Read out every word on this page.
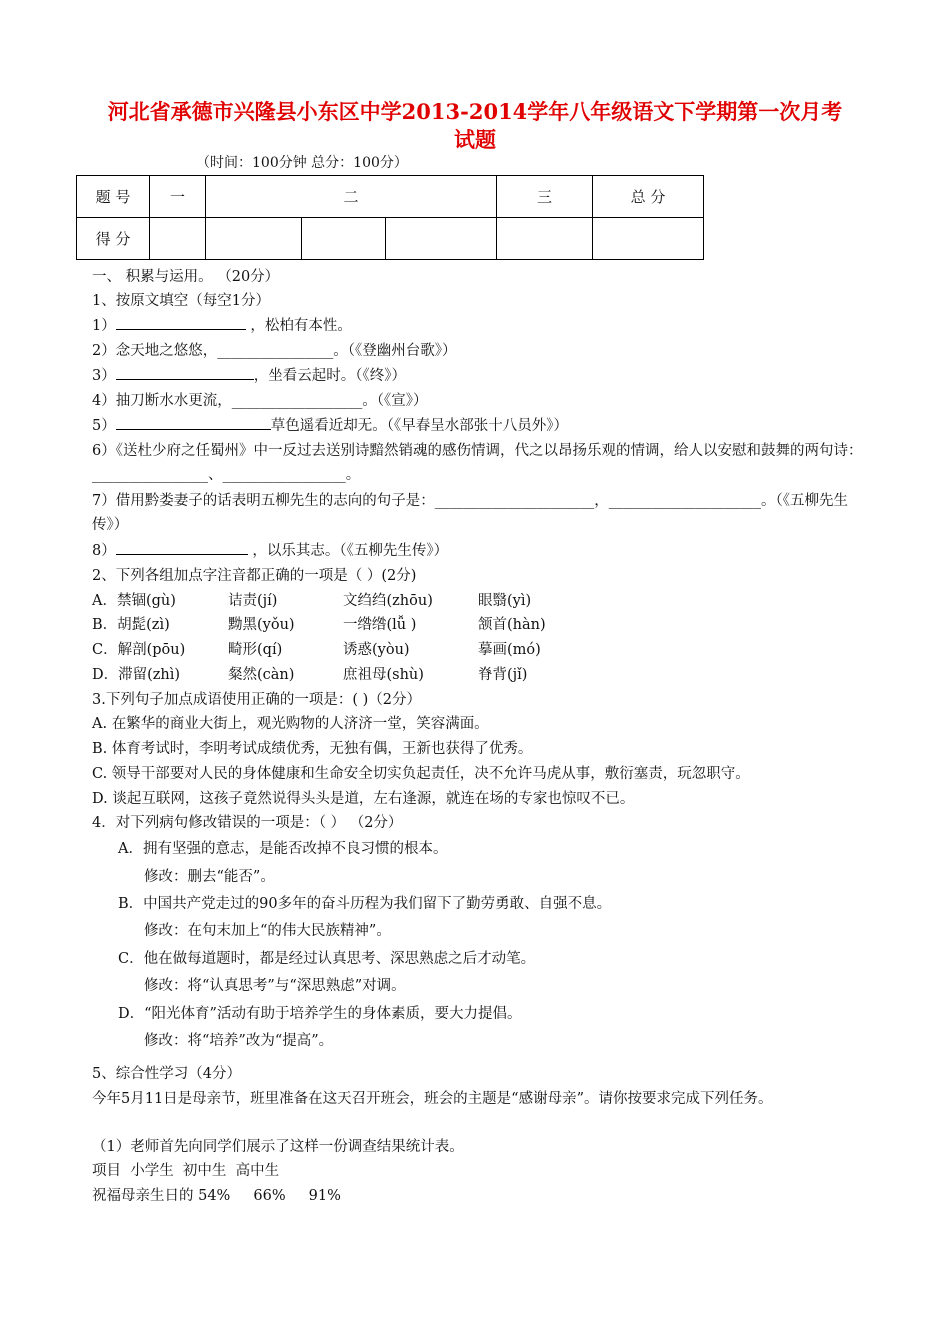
河北省承德市兴隆县小东区中学2013-2014学年八年级语文下学期第一次月考
试题
（时间：100分钟 总分：100分）
题 号	一	二			三	总 分
得 分						
一、 积累与运用。 （20分）
1、按原文填空（每空1分）
1）	，松柏有本性。
2）念天地之悠悠，________________。（《登幽州台歌》）
3）	，坐看云起时。（《终》）
4）抽刀断水水更流，__________________。（《宣》）
5）	草色遥看近却无。（《早春呈水部张十八员外》）
6）《送杜少府之任蜀州》中一反过去送别诗黯然销魂的感伤情调，代之以昂扬乐观的情调，给人以安慰和鼓舞的两句诗：________________、_________________。
7）借用黔娄妻子的话表明五柳先生的志向的句子是：______________________，_____________________。（《五柳先生传》）
8）	，以乐其志。（《五柳先生传》）
2、下列各组加点字注音都正确的一项是（ ）(2分)
A．禁锢(gù)	诘责(jí)	文绉绉(zhōu)	眼翳(yì)
B．胡髭(zì)	黝黑(yǒu)	一绺绺(lǚ )	颔首(hàn)
C．解剖(pōu)	畸形(qí)	诱惑(yòu)	摹画(mó)
D．滞留(zhì)	粲然(càn)	庶祖母(shù)	脊背(jǐ)
3.下列句子加点成语使用正确的一项是：( )（2分）
A. 在繁华的商业大街上，观光购物的人济济一堂，笑容满面。
B. 体育考试时，李明考试成绩优秀，无独有偶，王新也获得了优秀。
C. 领导干部要对人民的身体健康和生命安全切实负起责任，决不允许马虎从事，敷衍塞责，玩忽职守。
D. 谈起互联网，这孩子竟然说得头头是道，左右逢源，就连在场的专家也惊叹不已。
4．对下列病句修改错误的一项是：（ ） （2分）
A．拥有坚强的意志，是能否改掉不良习惯的根本。
修改：删去“能否”。
B．中国共产党走过的90多年的奋斗历程为我们留下了勤劳勇敢、自强不息。
修改：在句末加上“的伟大民族精神”。
C．他在做每道题时，都是经过认真思考、深思熟虑之后才动笔。
修改：将“认真思考”与“深思熟虑”对调。
D．“阳光体育”活动有助于培养学生的身体素质，要大力提倡。
修改：将“培养”改为“提高”。
5、综合性学习（4分）
今年5月11日是母亲节，班里准备在这天召开班会，班会的主题是“感谢母亲”。请你按要求完成下列任务。
（1）老师首先向同学们展示了这样一份调查结果统计表。
项目  小学生  初中生  高中生
祝福母亲生日的 54%     66%     91%
